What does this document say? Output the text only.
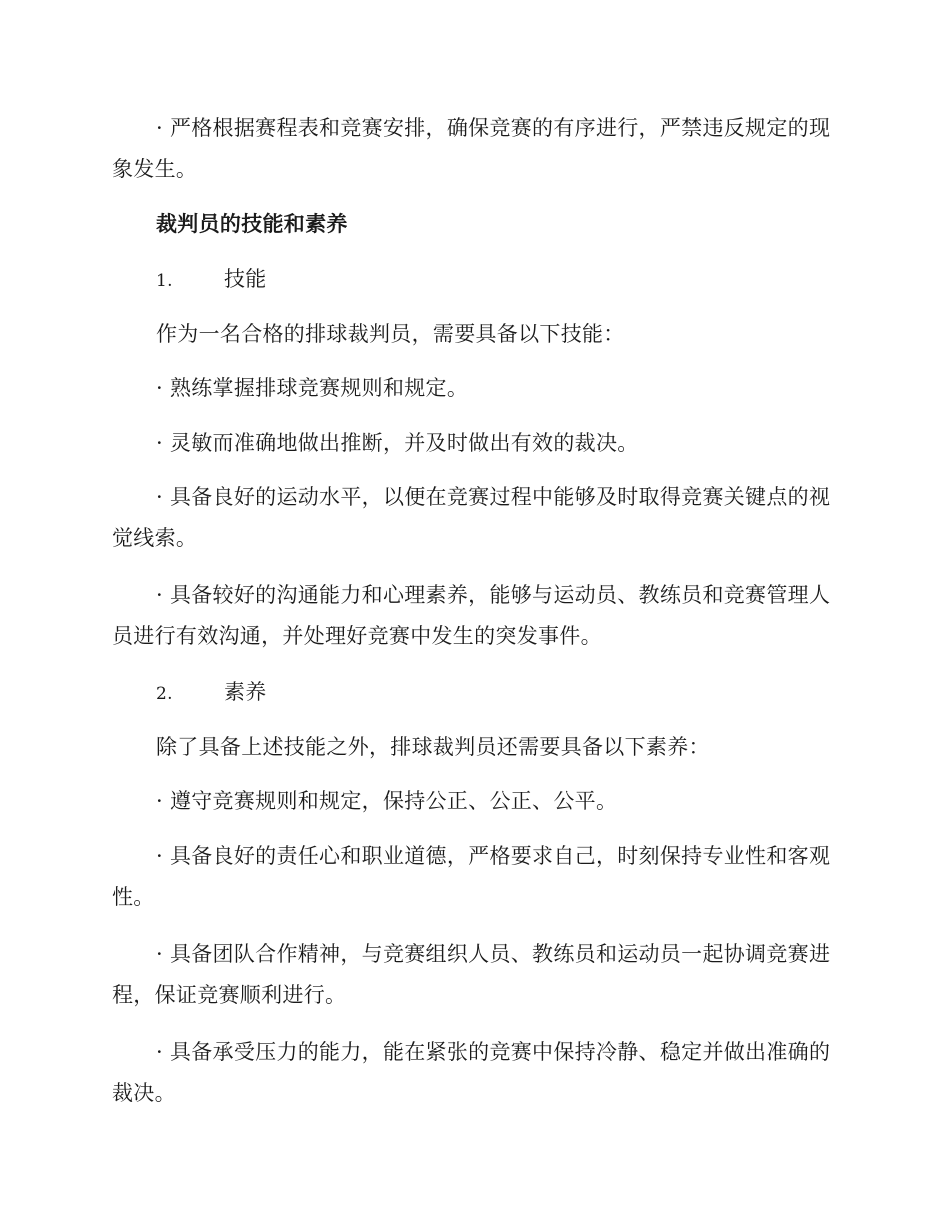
· 严格根据赛程表和竞赛安排，确保竞赛的有序进行，严禁违反规定的现象发生。

裁判员的技能和素养

1. 技能

作为一名合格的排球裁判员，需要具备以下技能：

· 熟练掌握排球竞赛规则和规定。

· 灵敏而准确地做出推断，并及时做出有效的裁决。

· 具备良好的运动水平，以便在竞赛过程中能够及时取得竞赛关键点的视觉线索。

· 具备较好的沟通能力和心理素养，能够与运动员、教练员和竞赛管理人员进行有效沟通，并处理好竞赛中发生的突发事件。

2. 素养

除了具备上述技能之外，排球裁判员还需要具备以下素养：

· 遵守竞赛规则和规定，保持公正、公正、公平。

· 具备良好的责任心和职业道德，严格要求自己，时刻保持专业性和客观性。

· 具备团队合作精神，与竞赛组织人员、教练员和运动员一起协调竞赛进程，保证竞赛顺利进行。

· 具备承受压力的能力，能在紧张的竞赛中保持冷静、稳定并做出准确的裁决。
